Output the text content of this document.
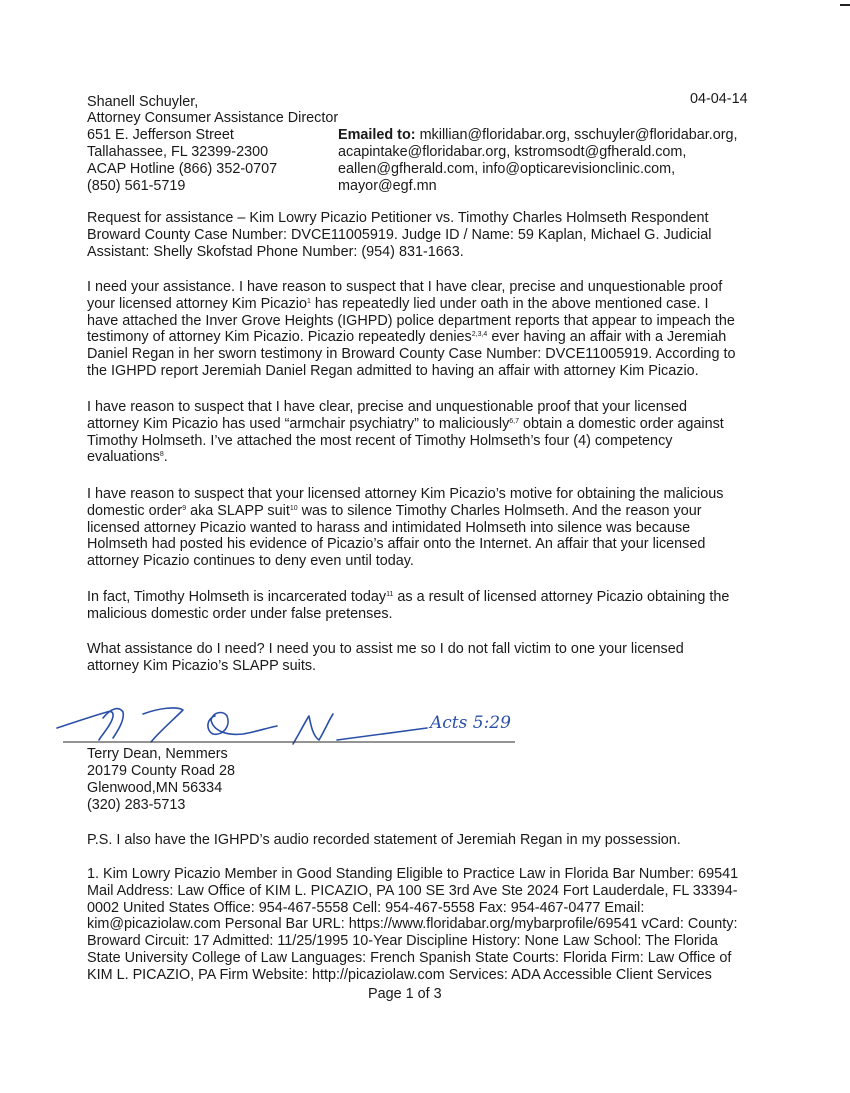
04-04-14
Shanell Schuyler,
Attorney Consumer Assistance Director
651 E. Jefferson Street
Tallahassee, FL 32399-2300
ACAP Hotline (866) 352-0707
(850) 561-5719
Emailed to: mkillian@floridabar.org, sschuyler@floridabar.org,
acapintake@floridabar.org, kstromsodt@gfherald.com,
eallen@gfherald.com, info@opticarevisionclinic.com,
mayor@egf.mn
Request for assistance – Kim Lowry Picazio Petitioner vs. Timothy Charles Holmseth Respondent
Broward County Case Number: DVCE11005919. Judge ID / Name: 59 Kaplan, Michael G. Judicial
Assistant: Shelly Skofstad Phone Number: (954) 831-1663.
I need your assistance. I have reason to suspect that I have clear, precise and unquestionable proof
your licensed attorney Kim Picazio$^1$ has repeatedly lied under oath in the above mentioned case. I
have attached the Inver Grove Heights (IGHPD) police department reports that appear to impeach the
testimony of attorney Kim Picazio. Picazio repeatedly denies$^{2,3,4}$ ever having an affair with a Jeremiah
Daniel Regan in her sworn testimony in Broward County Case Number: DVCE11005919. According to
the IGHPD report Jeremiah Daniel Regan admitted to having an affair with attorney Kim Picazio.
I have reason to suspect that I have clear, precise and unquestionable proof that your licensed
attorney Kim Picazio has used “armchair psychiatry” to maliciously$^{6,7}$ obtain a domestic order against
Timothy Holmseth. I’ve attached the most recent of Timothy Holmseth’s four (4) competency
evaluations$^8$.
I have reason to suspect that your licensed attorney Kim Picazio’s motive for obtaining the malicious
domestic order$^9$ aka SLAPP suit$^{10}$ was to silence Timothy Charles Holmseth. And the reason your
licensed attorney Picazio wanted to harass and intimidated Holmseth into silence was because
Holmseth had posted his evidence of Picazio’s affair onto the Internet. An affair that your licensed
attorney Picazio continues to deny even until today.
In fact, Timothy Holmseth is incarcerated today$^{11}$ as a result of licensed attorney Picazio obtaining the
malicious domestic order under false pretenses.
What assistance do I need? I need you to assist me so I do not fall victim to one your licensed
attorney Kim Picazio’s SLAPP suits.
Acts 5:29
Terry Dean, Nemmers
20179 County Road 28
Glenwood,MN 56334
(320) 283-5713
P.S. I also have the IGHPD’s audio recorded statement of Jeremiah Regan in my possession.
1. Kim Lowry Picazio Member in Good Standing Eligible to Practice Law in Florida Bar Number: 69541
Mail Address: Law Office of KIM L. PICAZIO, PA 100 SE 3rd Ave Ste 2024 Fort Lauderdale, FL 33394-
0002 United States Office: 954-467-5558 Cell: 954-467-5558 Fax: 954-467-0477 Email:
kim@picaziolaw.com Personal Bar URL: https://www.floridabar.org/mybarprofile/69541 vCard: County:
Broward Circuit: 17 Admitted: 11/25/1995 10-Year Discipline History: None Law School: The Florida
State University College of Law Languages: French Spanish State Courts: Florida Firm: Law Office of
KIM L. PICAZIO, PA Firm Website: http://picaziolaw.com Services: ADA Accessible Client Services
Page 1 of 3
